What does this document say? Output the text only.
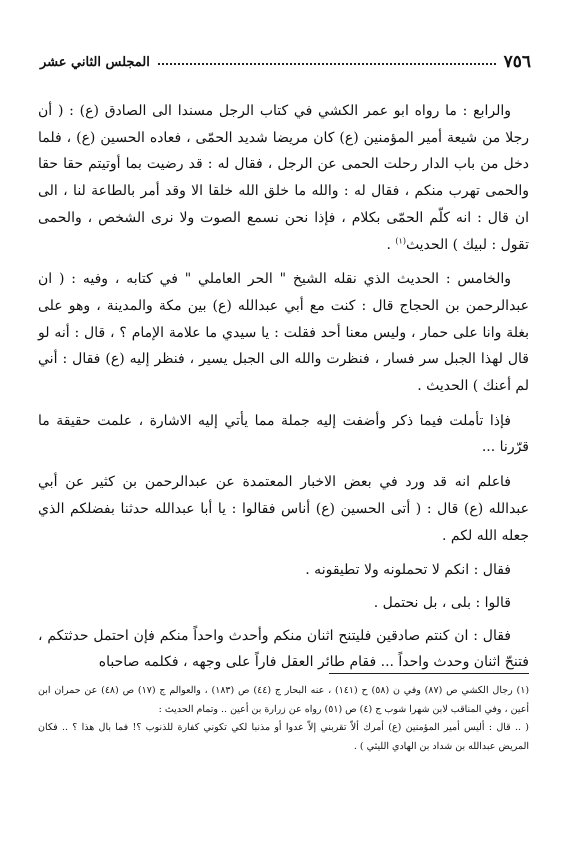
٧٥٦
المجلس الثاني عشر

والرابع : ما رواه ابو عمر الكشي في كتاب الرجل مسندا الى الصادق (ع) : ( أن رجلا من شيعة أمير المؤمنين (ع) كان مريضا شديد الحمّى ، فعاده الحسين (ع) ، فلما دخل من باب الدار رحلت الحمى عن الرجل ، فقال له : قد رضيت بما أوتيتم حقا حقا والحمى تهرب منكم ، فقال له : والله ما خلق الله خلقا الا وقد أمر بالطاعة لنا ، الى ان قال : انه كلّم الحمّى بكلام ، فإذا نحن نسمع الصوت ولا نرى الشخص ، والحمى تقول : لبيك ) الحديث$^{(١)}$ .

والخامس : الحديث الذي نقله الشيخ " الحر العاملي " في كتابه ، وفيه : ( ان عبدالرحمن بن الحجاج قال : كنت مع أبي عبدالله (ع) بين مكة والمدينة ، وهو على بغلة وانا على حمار ، وليس معنا أحد فقلت : يا سيدي ما علامة الإمام ؟ ، قال : أنه لو قال لهذا الجبل سر فسار ، فنظرت والله الى الجبل يسير ، فنظر إليه (ع) فقال : أني لم أعنك ) الحديث .

فإذا تأملت فيما ذكر وأضفت إليه جملة مما يأتي إليه الاشارة ، علمت حقيقة ما قرّرنا ...

فاعلم انه قد ورد في بعض الاخبار المعتمدة عن عبدالرحمن بن كثير عن أبي عبدالله (ع) قال : ( أتى الحسين (ع) أناس فقالوا : يا أبا عبدالله حدثنا بفضلكم الذي جعله الله لكم .

فقال : انكم لا تحملونه ولا تطيقونه .

قالوا : بلى ، بل نحتمل .

فقال : ان كنتم صادقين فليتنح اثنان منكم وأحدث واحداً منكم فإن احتمل حدثتكم ، فتنحّ اثنان وحدث واحداً ... فقام طائر العقل فاراً على وجهه ، فكلمه صاحباه

(١) رجال الكشي ص (٨٧) وفي ن (٥٨) ح (١٤١) ، عنه البحار ج (٤٤) ص (١٨٣) ، والعوالم ج (١٧) ص (٤٨) عن حمران ابن أعين ، وفي المناقب لابن شهرا شوب ج (٤) ص (٥١) رواه عن زرارة بن أعين .. وتمام الحديث :

( .. قال : أليس أمير المؤمنين (ع) أمرك ألاّ تقربني إلاّ عدوا أو مذنبا لكي تكوني كفارة للذنوب ؟! فما بال هذا ؟ .. فكان المريض عبدالله بن شداد بن الهادي الليثي ) .
